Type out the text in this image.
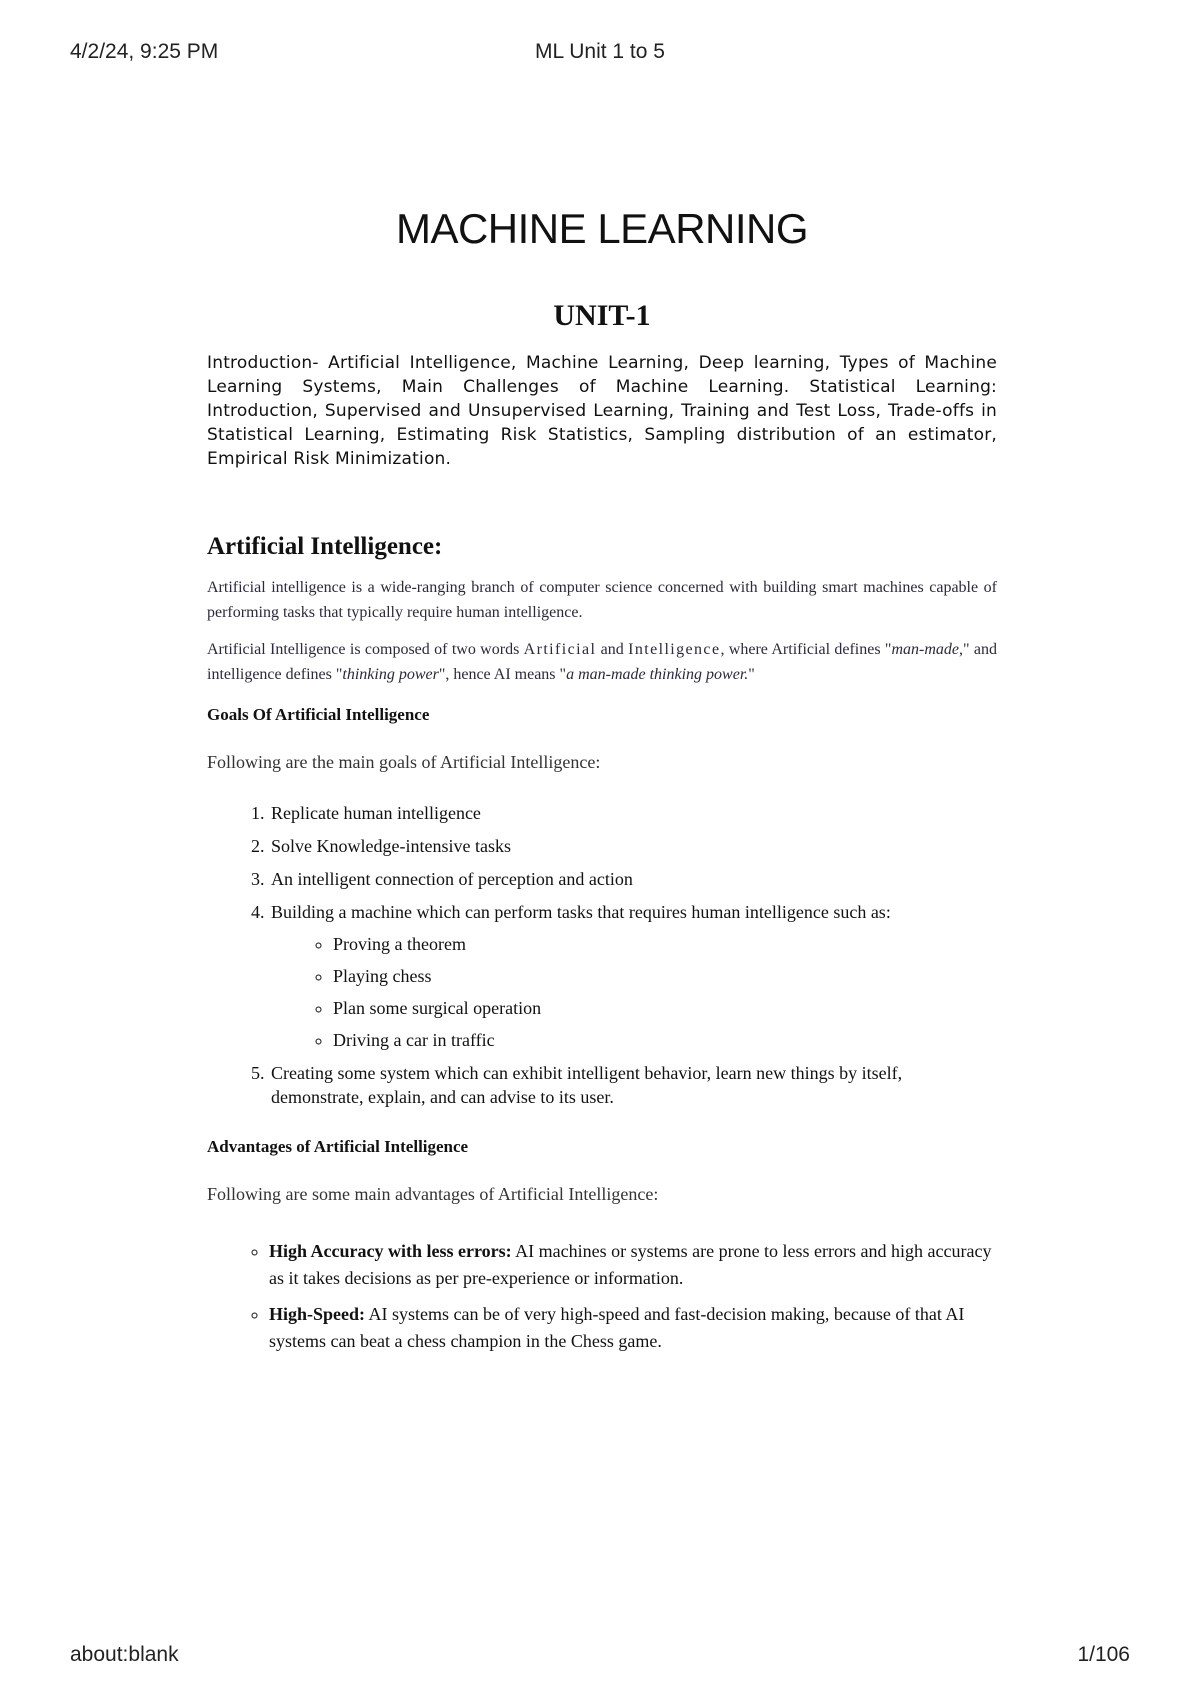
4/2/24, 9:25 PM	ML Unit 1 to 5
MACHINE LEARNING
UNIT-1

Introduction- Artificial Intelligence, Machine Learning, Deep learning, Types of Machine Learning Systems, Main Challenges of Machine Learning. Statistical Learning: Introduction, Supervised and Unsupervised Learning, Training and Test Loss, Trade-offs in Statistical Learning, Estimating Risk Statistics, Sampling distribution of an estimator, Empirical Risk Minimization.

Artificial Intelligence:

Artificial intelligence is a wide-ranging branch of computer science concerned with building smart machines capable of performing tasks that typically require human intelligence.

Artificial Intelligence is composed of two words Artificial and Intelligence, where Artificial defines "man-made," and intelligence defines "thinking power", hence AI means "a man-made thinking power."

Goals Of Artificial Intelligence

Following are the main goals of Artificial Intelligence:

1. Replicate human intelligence
2. Solve Knowledge-intensive tasks
3. An intelligent connection of perception and action
4. Building a machine which can perform tasks that requires human intelligence such as:
◦ Proving a theorem
◦ Playing chess
◦ Plan some surgical operation
◦ Driving a car in traffic
5. Creating some system which can exhibit intelligent behavior, learn new things by itself, demonstrate, explain, and can advise to its user.

Advantages of Artificial Intelligence

Following are some main advantages of Artificial Intelligence:

◦ High Accuracy with less errors: AI machines or systems are prone to less errors and high accuracy as it takes decisions as per pre-experience or information.
◦ High-Speed: AI systems can be of very high-speed and fast-decision making, because of that AI systems can beat a chess champion in the Chess game.
about:blank	1/106
